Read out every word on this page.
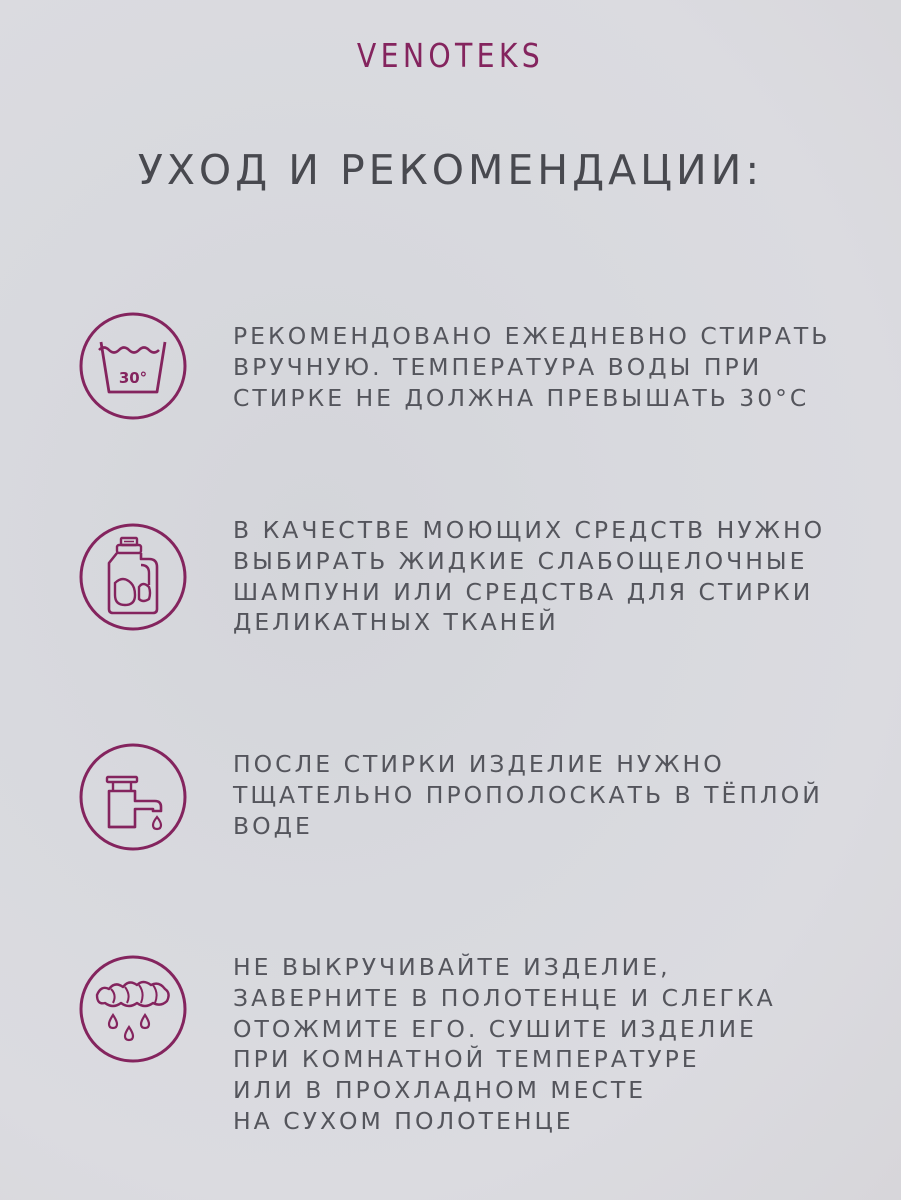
VENOTEKS
УХОД И РЕКОМЕНДАЦИИ:
30°
РЕКОМЕНДОВАНО ЕЖЕДНЕВНО СТИРАТЬ
ВРУЧНУЮ. ТЕМПЕРАТУРА ВОДЫ ПРИ
СТИРКЕ НЕ ДОЛЖНА ПРЕВЫШАТЬ 30°С
В КАЧЕСТВЕ МОЮЩИХ СРЕДСТВ НУЖНО
ВЫБИРАТЬ ЖИДКИЕ СЛАБОЩЕЛОЧНЫЕ
ШАМПУНИ ИЛИ СРЕДСТВА ДЛЯ СТИРКИ
ДЕЛИКАТНЫХ ТКАНЕЙ
ПОСЛЕ СТИРКИ ИЗДЕЛИЕ НУЖНО
ТЩАТЕЛЬНО ПРОПОЛОСКАТЬ В ТЁПЛОЙ
ВОДЕ
НЕ ВЫКРУЧИВАЙТЕ ИЗДЕЛИЕ,
ЗАВЕРНИТЕ В ПОЛОТЕНЦЕ И СЛЕГКА
ОТОЖМИТЕ ЕГО. СУШИТЕ ИЗДЕЛИЕ
ПРИ КОМНАТНОЙ ТЕМПЕРАТУРЕ
ИЛИ В ПРОХЛАДНОМ МЕСТЕ
НА СУХОМ ПОЛОТЕНЦЕ
